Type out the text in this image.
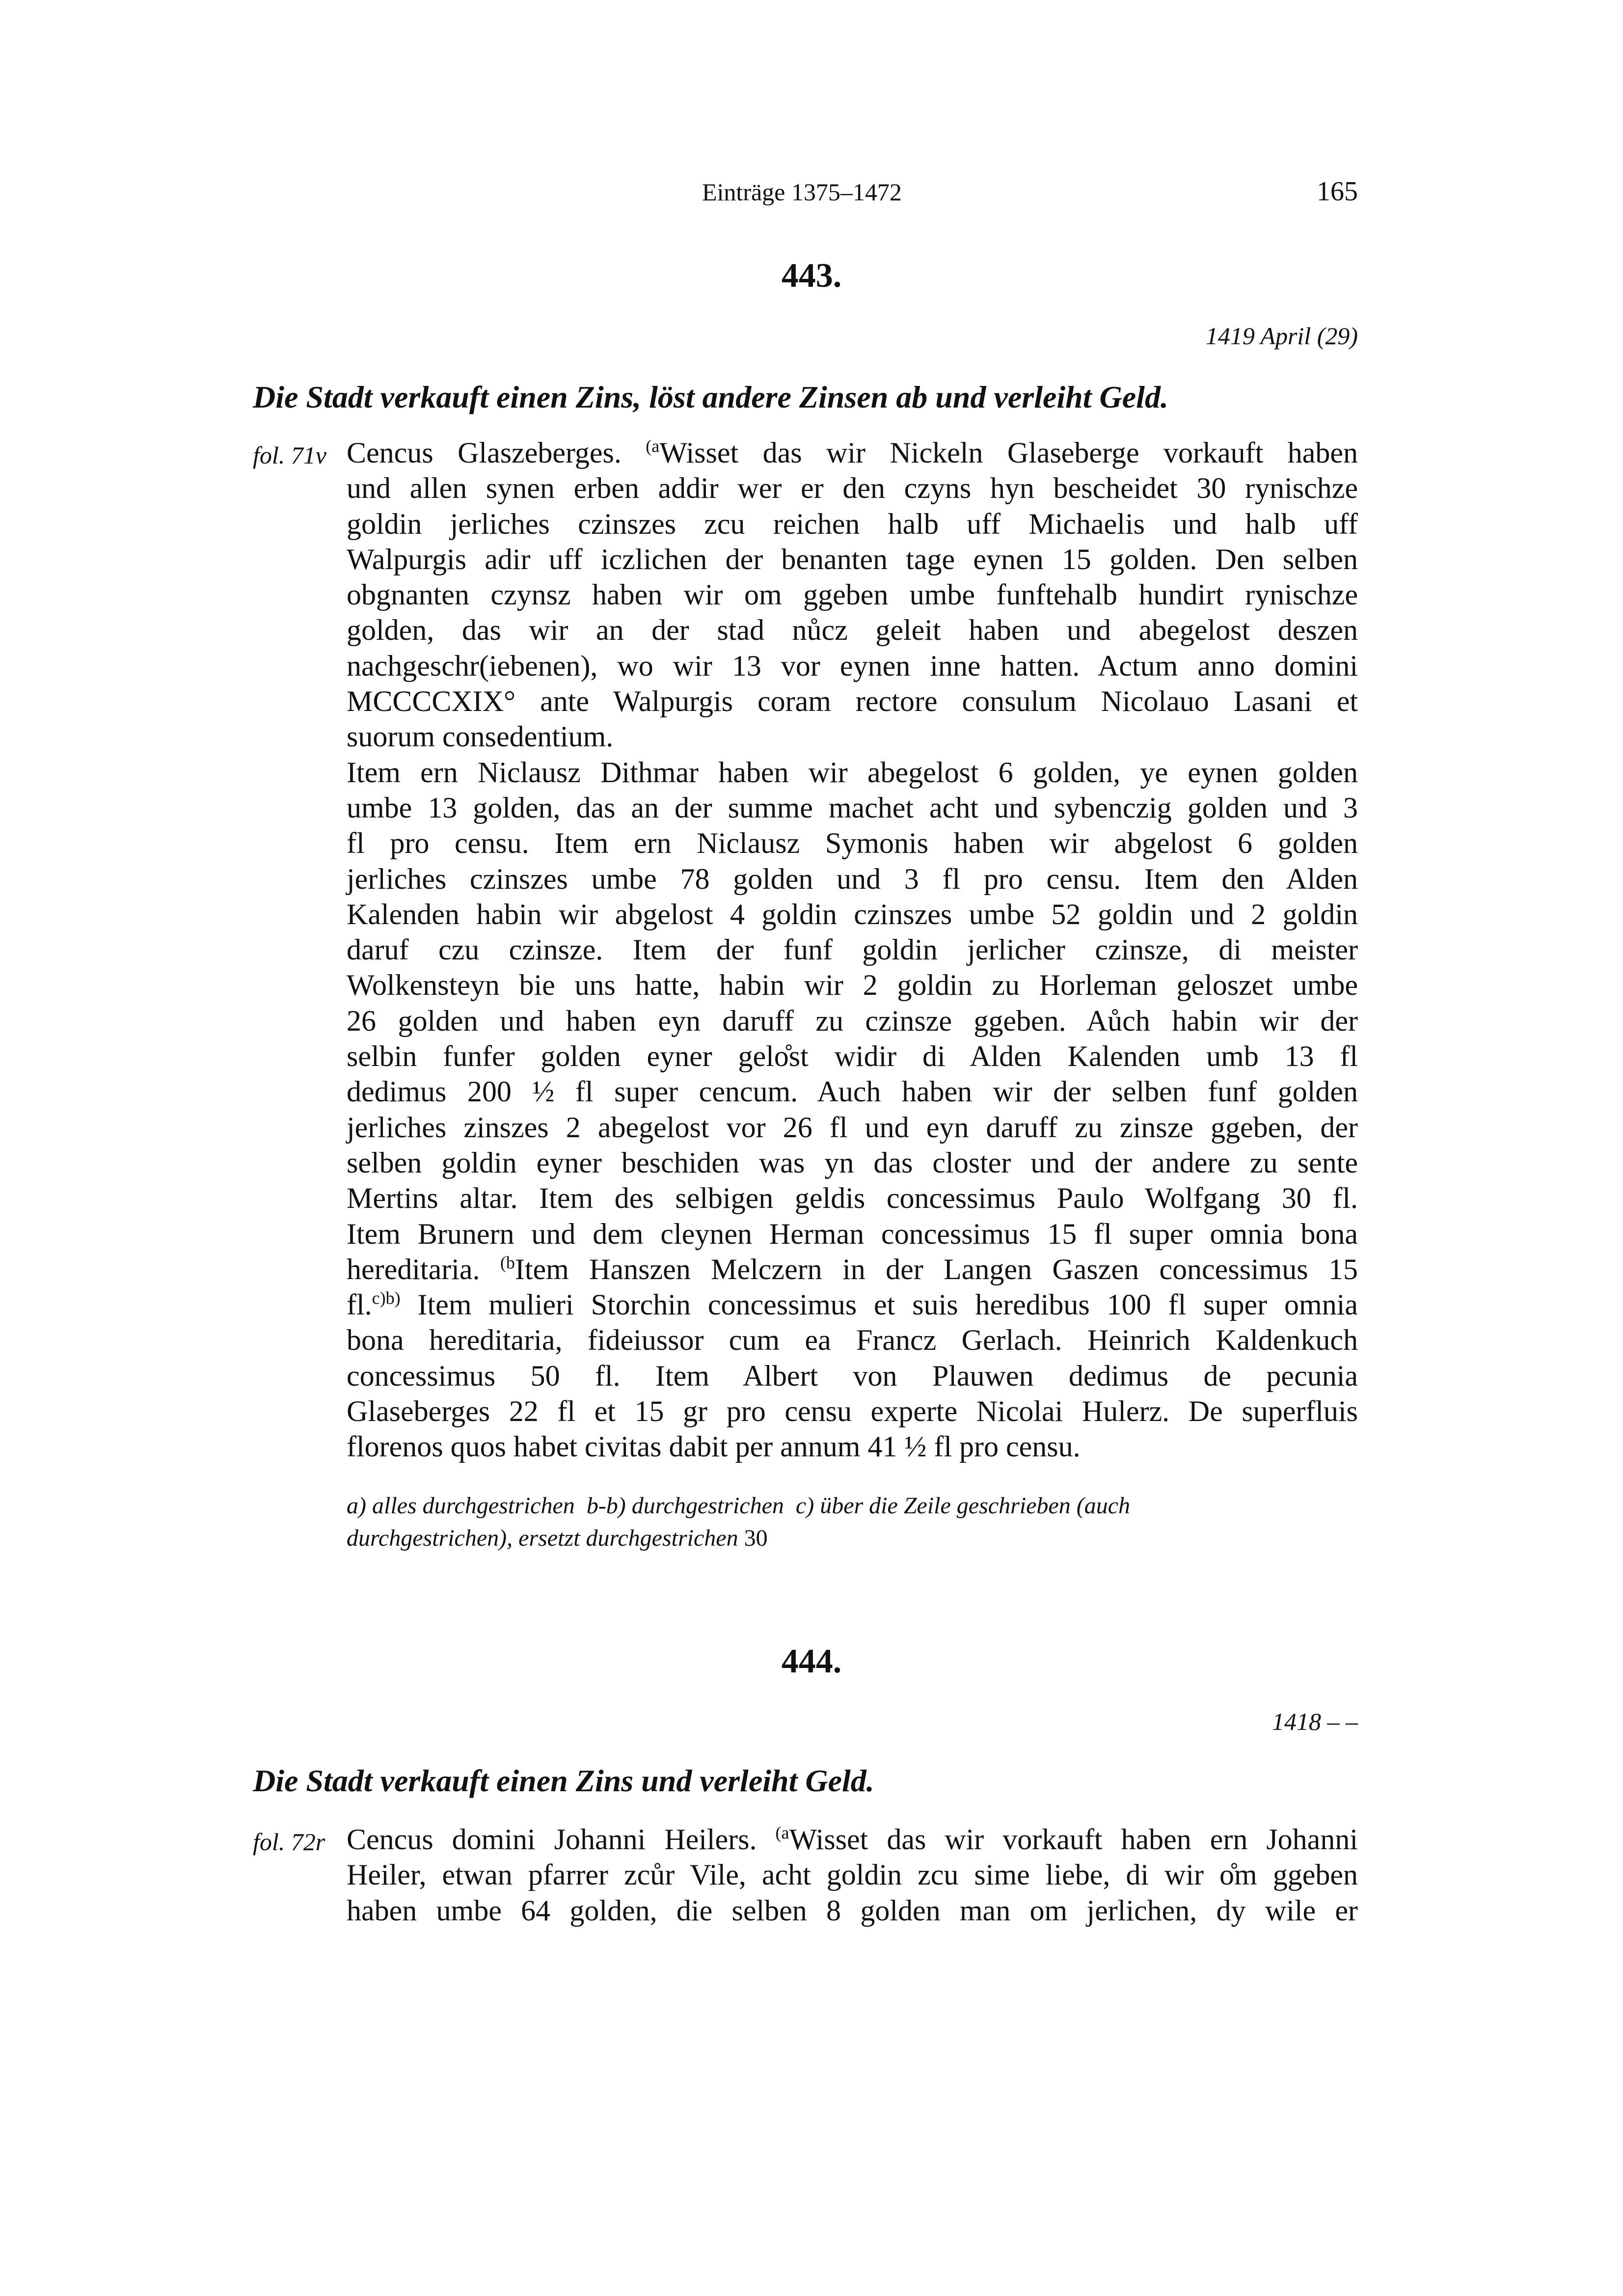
Einträge 1375–1472	165
443.
1419 April (29)
Die Stadt verkauft einen Zins, löst andere Zinsen ab und verleiht Geld.
fol. 71v Cencus Glaszeberges. $^{(a}$Wisset das wir Nickeln Glaseberge vorkauft haben
und allen synen erben addir wer er den czyns hyn bescheidet 30 rynischze
goldin jerliches czinszes zcu reichen halb uff Michaelis und halb uff
Walpurgis adir uff iczlichen der benanten tage eynen 15 golden. Den selben
obgnanten czynsz haben wir om ggeben umbe funftehalb hundirt rynischze
golden, das wir an der stad nůcz geleit haben und abegelost deszen
nachgeschr(iebenen), wo wir 13 vor eynen inne hatten. Actum anno domini
MCCCCXIX° ante Walpurgis coram rectore consulum Nicolauo Lasani et
suorum consedentium.
Item ern Niclausz Dithmar haben wir abegelost 6 golden, ye eynen golden
umbe 13 golden, das an der summe machet acht und sybenczig golden und 3
fl pro censu. Item ern Niclausz Symonis haben wir abgelost 6 golden
jerliches czinszes umbe 78 golden und 3 fl pro censu. Item den Alden
Kalenden habin wir abgelost 4 goldin czinszes umbe 52 goldin und 2 goldin
daruf czu czinsze. Item der funf goldin jerlicher czinsze, di meister
Wolkensteyn bie uns hatte, habin wir 2 goldin zu Horleman geloszet umbe
26 golden und haben eyn daruff zu czinsze ggeben. Aůch habin wir der
selbin funfer golden eyner gelo̊st widir di Alden Kalenden umb 13 fl
dedimus 200 ½ fl super cencum. Auch haben wir der selben funf golden
jerliches zinszes 2 abegelost vor 26 fl und eyn daruff zu zinsze ggeben, der
selben goldin eyner beschiden was yn das closter und der andere zu sente
Mertins altar. Item des selbigen geldis concessimus Paulo Wolfgang 30 fl.
Item Brunern und dem cleynen Herman concessimus 15 fl super omnia bona
hereditaria. $^{(b}$Item Hanszen Melczern in der Langen Gaszen concessimus 15
fl.$^{c)b)}$ Item mulieri Storchin concessimus et suis heredibus 100 fl super omnia
bona hereditaria, fideiussor cum ea Francz Gerlach. Heinrich Kaldenkuch
concessimus 50 fl. Item Albert von Plauwen dedimus de pecunia
Glaseberges 22 fl et 15 gr pro censu experte Nicolai Hulerz. De superfluis
florenos quos habet civitas dabit per annum 41 ½ fl pro censu.
a) alles durchgestrichen  b-b) durchgestrichen  c) über die Zeile geschrieben (auch
durchgestrichen), ersetzt durchgestrichen 30
444.
1418 – –
Die Stadt verkauft einen Zins und verleiht Geld.
fol. 72r Cencus domini Johanni Heilers. $^{(a}$Wisset das wir vorkauft haben ern Johanni
Heiler, etwan pfarrer zcůr Vile, acht goldin zcu sime liebe, di wir o̊m ggeben
haben umbe 64 golden, die selben 8 golden man om jerlichen, dy wile er
